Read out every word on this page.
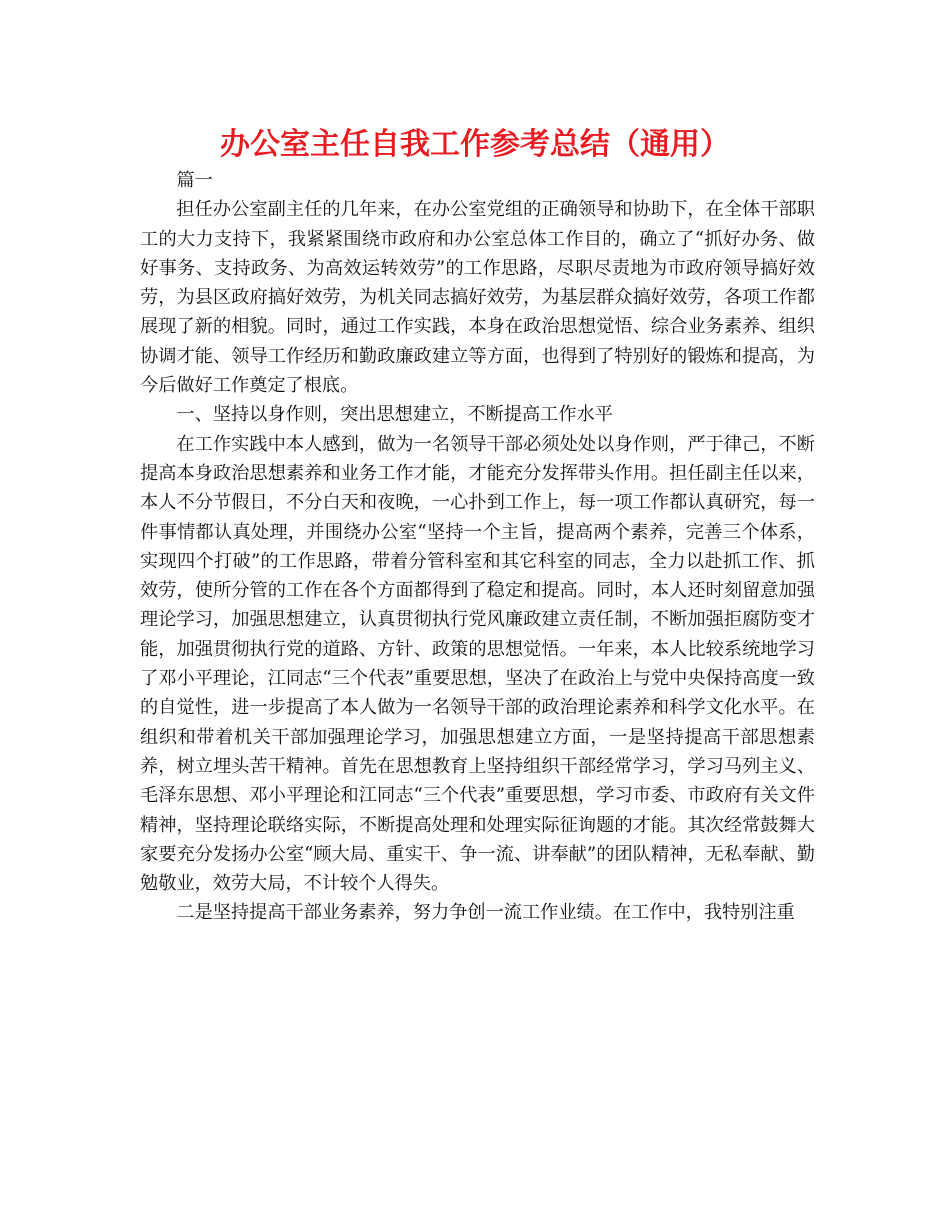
办公室主任自我工作参考总结（通用）

篇一

担任办公室副主任的几年来，在办公室党组的正确领导和协助下，在全体干部职工的大力支持下，我紧紧围绕市政府和办公室总体工作目的，确立了“抓好办务、做好事务、支持政务、为高效运转效劳”的工作思路，尽职尽责地为市政府领导搞好效劳，为县区政府搞好效劳，为机关同志搞好效劳，为基层群众搞好效劳，各项工作都展现了新的相貌。同时，通过工作实践，本身在政治思想觉悟、综合业务素养、组织协调才能、领导工作经历和勤政廉政建立等方面，也得到了特别好的锻炼和提高，为今后做好工作奠定了根底。

一、坚持以身作则，突出思想建立，不断提高工作水平

在工作实践中本人感到，做为一名领导干部必须处处以身作则，严于律己，不断提高本身政治思想素养和业务工作才能，才能充分发挥带头作用。担任副主任以来，本人不分节假日，不分白天和夜晚，一心扑到工作上，每一项工作都认真研究，每一件事情都认真处理，并围绕办公室“坚持一个主旨，提高两个素养，完善三个体系，实现四个打破”的工作思路，带着分管科室和其它科室的同志，全力以赴抓工作、抓效劳，使所分管的工作在各个方面都得到了稳定和提高。同时，本人还时刻留意加强理论学习，加强思想建立，认真贯彻执行党风廉政建立责任制，不断加强拒腐防变才能，加强贯彻执行党的道路、方针、政策的思想觉悟。一年来，本人比较系统地学习了邓小平理论，江同志“三个代表”重要思想，坚决了在政治上与党中央保持高度一致的自觉性，进一步提高了本人做为一名领导干部的政治理论素养和科学文化水平。在组织和带着机关干部加强理论学习，加强思想建立方面，一是坚持提高干部思想素养，树立埋头苦干精神。首先在思想教育上坚持组织干部经常学习，学习马列主义、毛泽东思想、邓小平理论和江同志“三个代表”重要思想，学习市委、市政府有关文件精神，坚持理论联络实际，不断提高处理和处理实际征询题的才能。其次经常鼓舞大家要充分发扬办公室“顾大局、重实干、争一流、讲奉献”的团队精神，无私奉献、勤勉敬业，效劳大局，不计较个人得失。

二是坚持提高干部业务素养，努力争创一流工作业绩。在工作中，我特别注重
